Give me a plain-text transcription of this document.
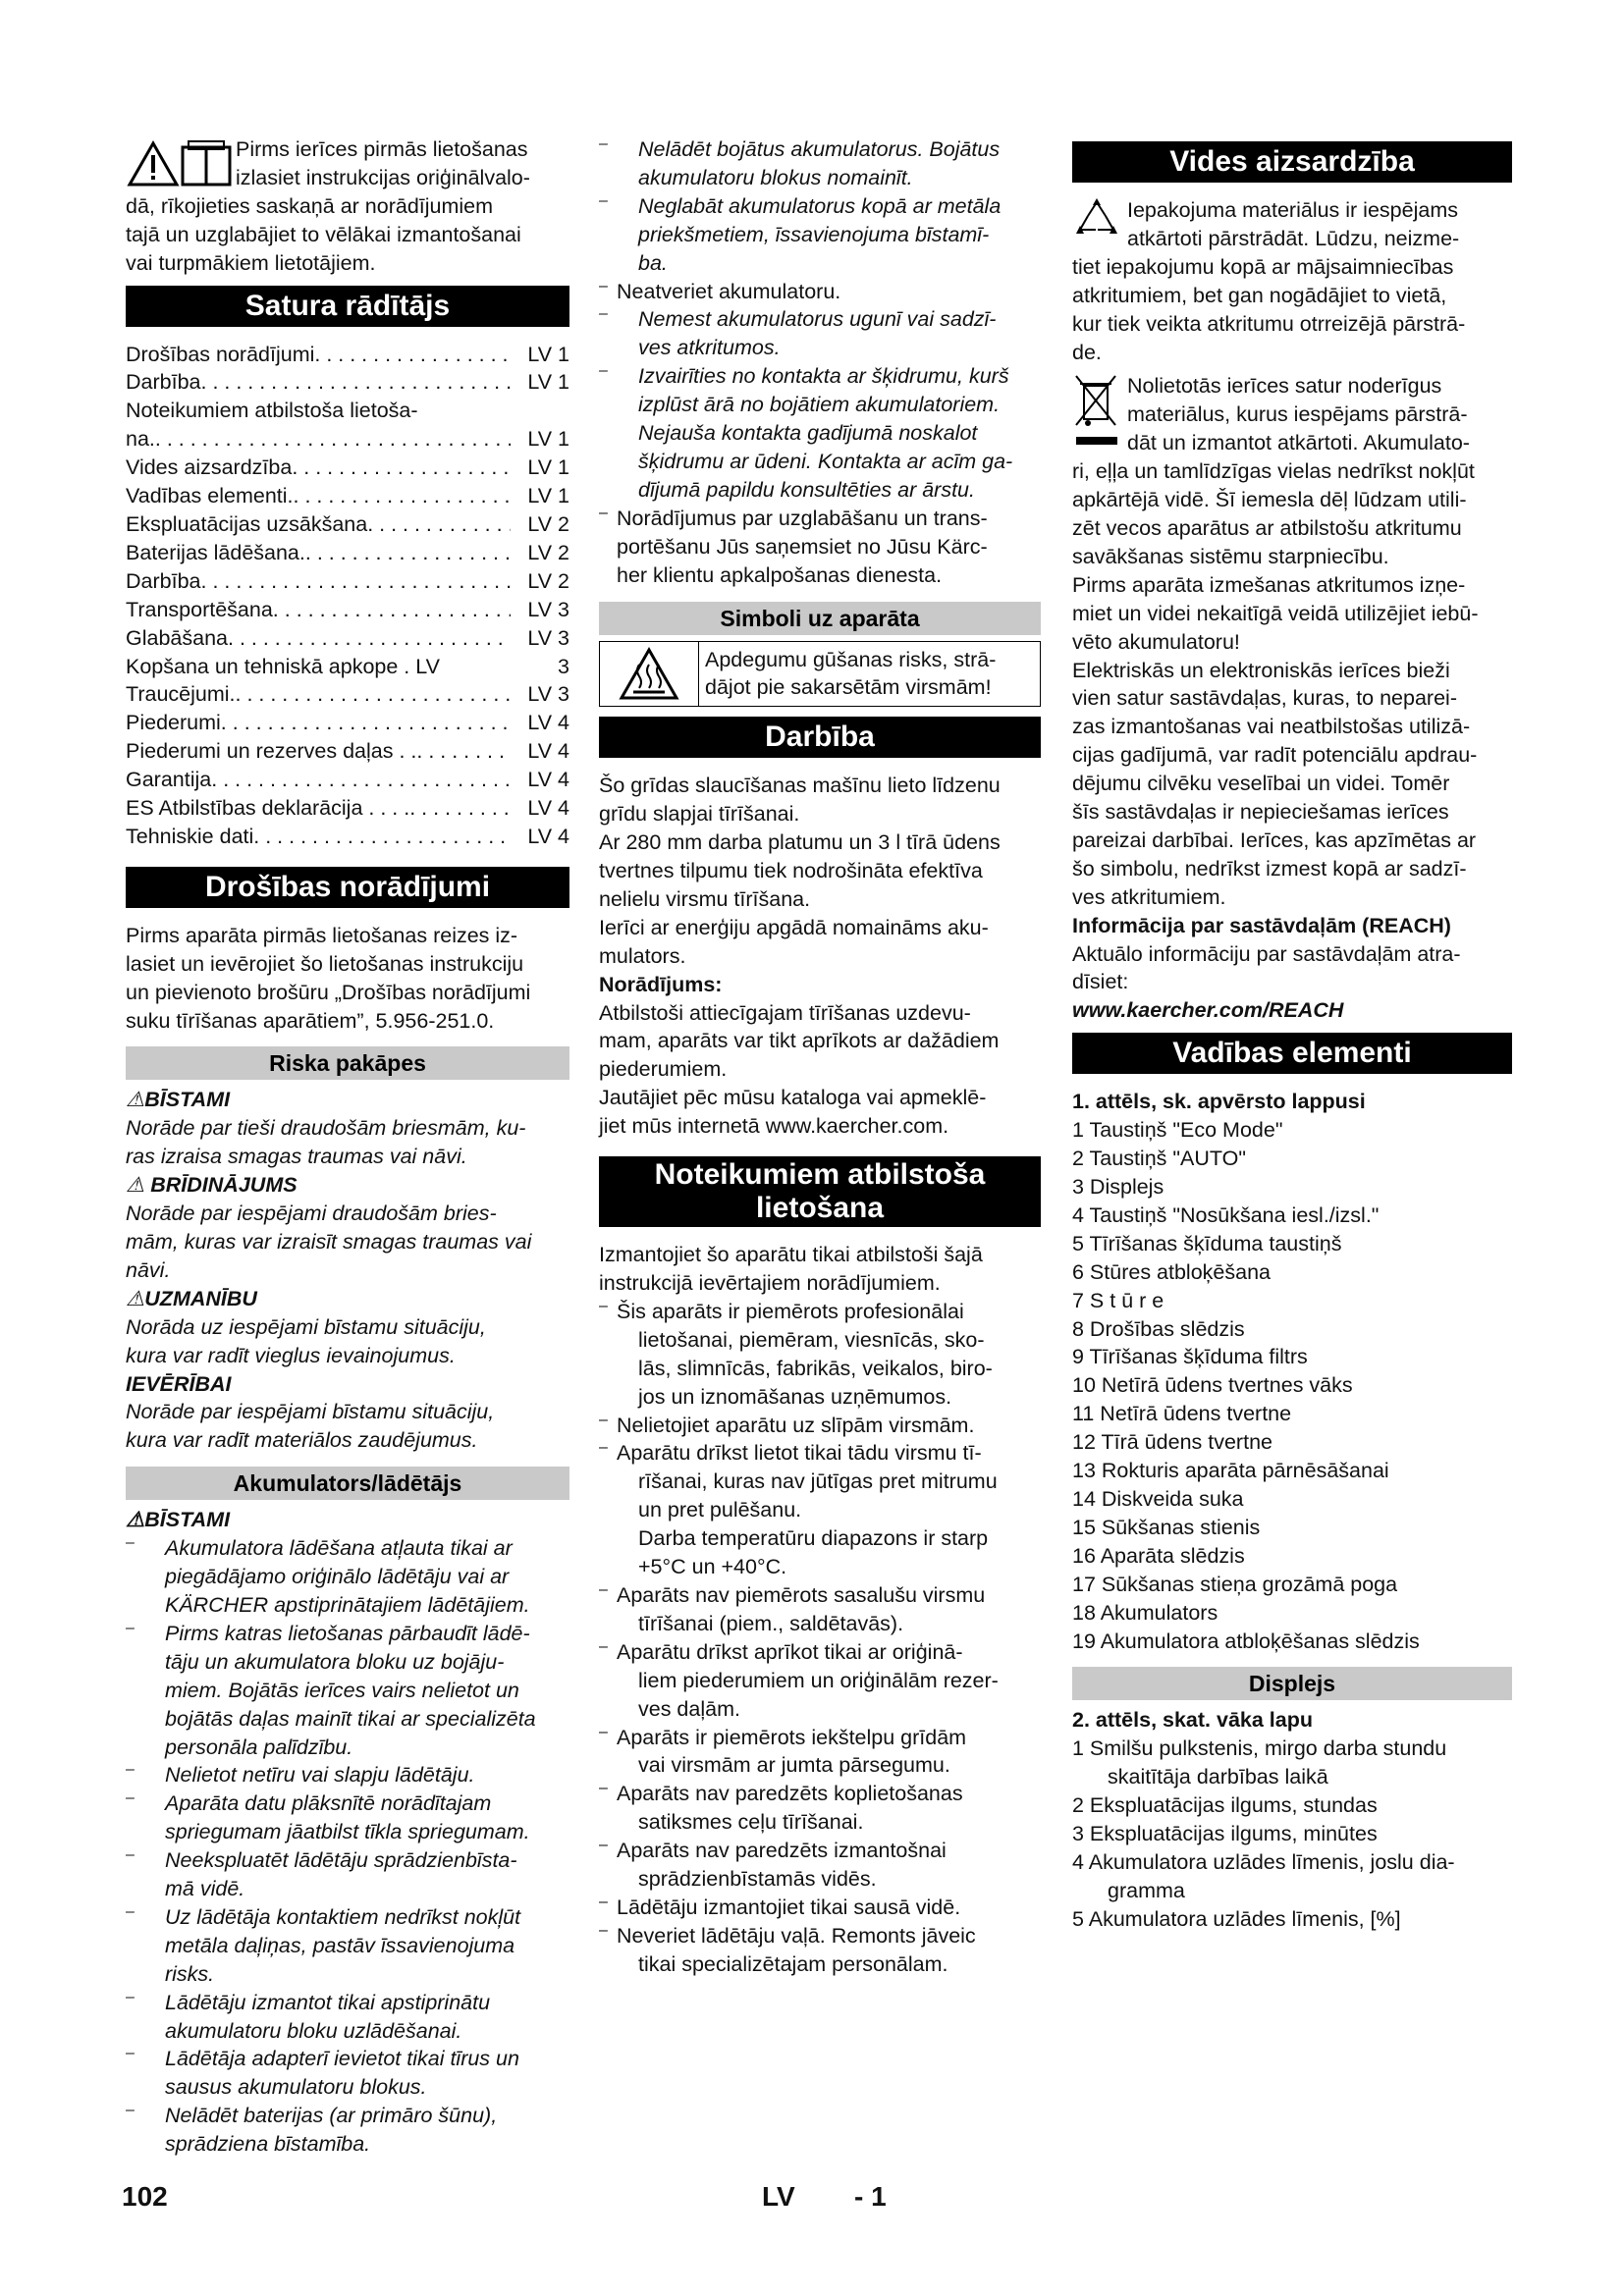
Pirms ierīces pirmās lietošanas

izlasiet instrukcijas oriģinālvalo-

dā, rīkojieties saskaņā ar norādījumiem

tajā un uzglabājiet to vēlākai izmantošanai

vai turpmākiem lietotājiem.

Satura rādītājs
Drošības norādījumi . . .	LV 1
Darbība . . .	LV 1
Noteikumiem atbilstoša lietoša-
na. . . .	LV 1
Vides aizsardzība . . .	LV 1
Vadības elementi. . . .	LV 1
Ekspluatācijas uzsākšana . . .	LV 2
Baterijas lādēšana. . . .	LV 2
Darbība . . .	LV 2
Transportēšana . . .	LV 3
Glabāšana . . .	LV 3
Kopšana un tehniskā apkope . LV	3
Traucējumi. . . .	LV 3
Piederumi . . .	LV 4
Piederumi un rezerves daļas . . . . .	LV 4
Garantija . . .	LV 4
ES Atbilstības deklarācija . . . . . . .	LV 4
Tehniskie dati . . .	LV 4
Drošības norādījumi

Pirms aparāta pirmās lietošanas reizes iz-

lasiet un ievērojiet šo lietošanas instrukciju

un pievienoto brošūru „Drošības norādījumi

suku tīrīšanas aparātiem”, 5.956-251.0.

Riska pakāpes

⚠BĪSTAMI

Norāde par tieši draudošām briesmām, ku-

ras izraisa smagas traumas vai nāvi.

⚠ BRĪDINĀJUMS

Norāde par iespējami draudošām bries-

mām, kuras var izraisīt smagas traumas vai

nāvi.

⚠UZMANĪBU

Norāda uz iespējami bīstamu situāciju,

kura var radīt vieglus ievainojumus.

IEVĒRĪBAI

Norāde par iespējami bīstamu situāciju,

kura var radīt materiālos zaudējumus.

Akumulators/lādētājs

⚠BĪSTAMI

– Akumulatora lādēšana atļauta tikai ar

piegādājamo oriģinālo lādētāju vai ar

KÄRCHER apstiprinātajiem lādētājiem.

– Pirms katras lietošanas pārbaudīt lādē-

tāju un akumulatora bloku uz bojāju-

miem. Bojātās ierīces vairs nelietot un

bojātās daļas mainīt tikai ar specializēta

personāla palīdzību.

– Nelietot netīru vai slapju lādētāju.

– Aparāta datu plāksnītē norādītajam

spriegumam jāatbilst tīkla spriegumam.

– Neekspluatēt lādētāju sprādzienbīsta-

mā vidē.

– Uz lādētāja kontaktiem nedrīkst nokļūt

metāla daļiņas, pastāv īssavienojuma

risks.

– Lādētāju izmantot tikai apstiprinātu

akumulatoru bloku uzlādēšanai.

– Lādētāja adapterī ievietot tikai tīrus un

sausus akumulatoru blokus.

– Nelādēt baterijas (ar primāro šūnu),

sprādziena bīstamība.

– Nelādēt bojātus akumulatorus. Bojātus

akumulatoru blokus nomainīt.

– Neglabāt akumulatorus kopā ar metāla

priekšmetiem, īssavienojuma bīstamī-

ba.

– Neatveriet akumulatoru.

– Nemest akumulatorus ugunī vai sadzī-

ves atkritumos.

– Izvairīties no kontakta ar šķidrumu, kurš

izplūst ārā no bojātiem akumulatoriem.

Nejauša kontakta gadījumā noskalot

šķidrumu ar ūdeni. Kontakta ar acīm ga-

dījumā papildu konsultēties ar ārstu.

– Norādījumus par uzglabāšanu un trans-

portēšanu Jūs saņemsiet no Jūsu Kärc-

her klientu apkalpošanas dienesta.

Simboli uz aparāta

Apdegumu gūšanas risks, strā-

dājot pie sakarsētām virsmām!

Darbība

Šo grīdas slaucīšanas mašīnu lieto līdzenu

grīdu slapjai tīrīšanai.

Ar 280 mm darba platumu un 3 l tīrā ūdens

tvertnes tilpumu tiek nodrošināta efektīva

nelielu virsmu tīrīšana.

Ierīci ar enerģiju apgādā nomaināms aku-

mulators.

Norādījums:

Atbilstoši attiecīgajam tīrīšanas uzdevu-

mam, aparāts var tikt aprīkots ar dažādiem

piederumiem.

Jautājiet pēc mūsu kataloga vai apmeklē-

jiet mūs internetā www.kaercher.com.

Noteikumiem atbilstoša
lietošana

Izmantojiet šo aparātu tikai atbilstoši šajā

instrukcijā ievērtajiem norādījumiem.

– Šis aparāts ir piemērots profesionālai

lietošanai, piemēram, viesnīcās, sko-

lās, slimnīcās, fabrikās, veikalos, biro-

jos un iznomāšanas uzņēmumos.

– Nelietojiet aparātu uz slīpām virsmām.

– Aparātu drīkst lietot tikai tādu virsmu tī-

rīšanai, kuras nav jūtīgas pret mitrumu

un pret pulēšanu.

Darba temperatūru diapazons ir starp

+5°C un +40°C.

– Aparāts nav piemērots sasalušu virsmu

tīrīšanai (piem., saldētavās).

– Aparātu drīkst aprīkot tikai ar oriģinā-

liem piederumiem un oriģinālām rezer-

ves daļām.

– Aparāts ir piemērots iekštelpu grīdām

vai virsmām ar jumta pārsegumu.

– Aparāts nav paredzēts koplietošanas

satiksmes ceļu tīrīšanai.

– Aparāts nav paredzēts izmantošnai

sprādzienbīstamās vidēs.

– Lādētāju izmantojiet tikai sausā vidē.

– Neveriet lādētāju vaļā. Remonts jāveic

tikai specializētajam personālam.

Vides aizsardzība

Iepakojuma materiālus ir iespējams

atkārtoti pārstrādāt. Lūdzu, neizme-

tiet iepakojumu kopā ar mājsaimniecības

atkritumiem, bet gan nogādājiet to vietā,

kur tiek veikta atkritumu otrreizējā pārstrā-

de.

Nolietotās ierīces satur noderīgus

materiālus, kurus iespējams pārstrā-

dāt un izmantot atkārtoti. Akumulato-

ri, eļļa un tamlīdzīgas vielas nedrīkst nokļūt

apkārtējā vidē. Šī iemesla dēļ lūdzam utili-

zēt vecos aparātus ar atbilstošu atkritumu

savākšanas sistēmu starpniecību.

Pirms aparāta izmešanas atkritumos izņe-

miet un videi nekaitīgā veidā utilizējiet iebū-

vēto akumulatoru!

Elektriskās un elektroniskās ierīces bieži

vien satur sastāvdaļas, kuras, to neparei-

zas izmantošanas vai neatbilstošas utilizā-

cijas gadījumā, var radīt potenciālu apdrau-

dējumu cilvēku veselībai un videi. Tomēr

šīs sastāvdaļas ir nepieciešamas ierīces

pareizai darbībai. Ierīces, kas apzīmētas ar

šo simbolu, nedrīkst izmest kopā ar sadzī-

ves atkritumiem.

Informācija par sastāvdaļām (REACH)

Aktuālo informāciju par sastāvdaļām atra-

dīsiet:

www.kaercher.com/REACH

Vadības elementi

1. attēls, sk. apvērsto lappusi

1 Taustiņš "Eco Mode"

2 Taustiņš "AUTO"

3 Displejs

4 Taustiņš "Nosūkšana iesl./izsl."

5 Tīrīšanas šķīduma taustiņš

6 Stūres atbloķēšana

7 S t ū r e

8 Drošības slēdzis

9 Tīrīšanas šķīduma filtrs

10 Netīrā ūdens tvertnes vāks

11 Netīrā ūdens tvertne

12 Tīrā ūdens tvertne

13 Rokturis aparāta pārnēsāšanai

14 Diskveida suka

15 Sūkšanas stienis

16 Aparāta slēdzis

17 Sūkšanas stieņa grozāmā poga

18 Akumulators

19 Akumulatora atbloķēšanas slēdzis

Displejs

2. attēls, skat. vāka lapu

1 Smilšu pulkstenis, mirgo darba stundu

skaitītāja darbības laikā

2 Ekspluatācijas ilgums, stundas

3 Ekspluatācijas ilgums, minūtes

4 Akumulatora uzlādes līmenis, joslu dia-

gramma

5 Akumulatora uzlādes līmenis, [%]

102	LV - 1
